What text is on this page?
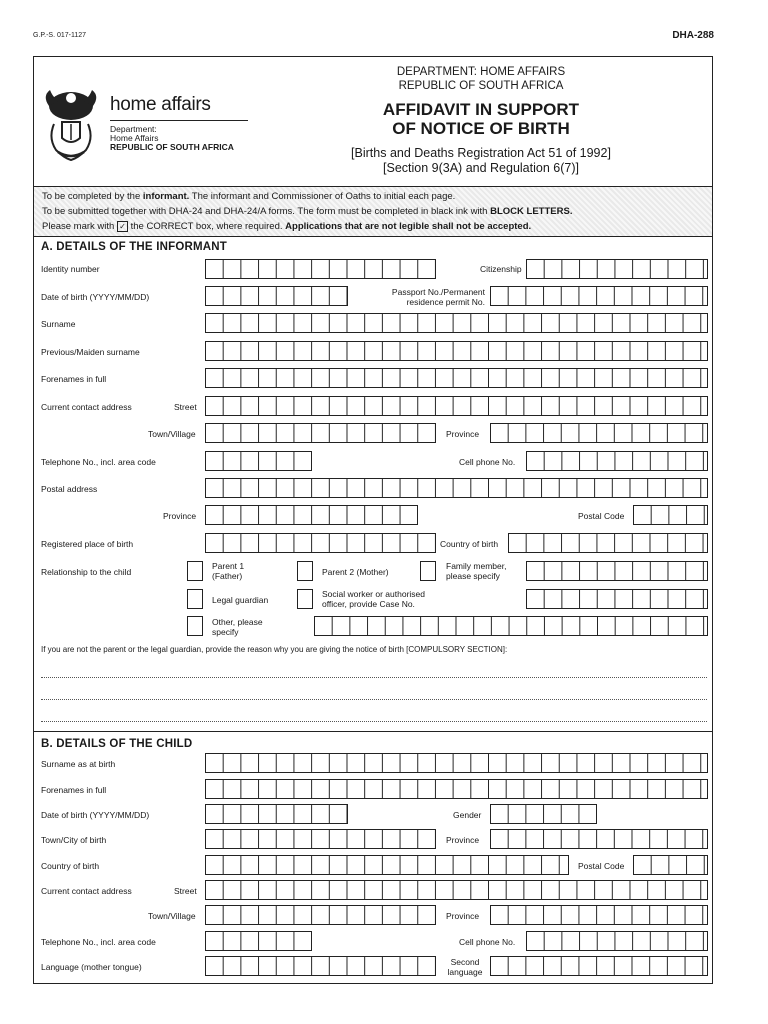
G.P.-S. 017-1127	DHA-288
home affairs
Department:
Home Affairs
REPUBLIC OF SOUTH AFRICA
DEPARTMENT: HOME AFFAIRS
REPUBLIC OF SOUTH AFRICA
AFFIDAVIT IN SUPPORT
OF NOTICE OF BIRTH
[Births and Deaths Registration Act 51 of 1992]
[Section 9(3A) and Regulation 6(7)]
To be completed by the informant. The informant and Commissioner of Oaths to initial each page.
To be submitted together with DHA-24 and DHA-24/A forms. The form must be completed in black ink with BLOCK LETTERS.
Please mark with ✓ the CORRECT box, where required. Applications that are not legible shall not be accepted.
A. DETAILS OF THE INFORMANT
Identity number	Citizenship
Date of birth (YYYY/MM/DD)	Passport No./Permanent
residence permit No.
Surname
Previous/Maiden surname
Forenames in full
Current contact address	Street
Town/Village	Province
Telephone No., incl. area code	Cell phone No.
Postal address
Province	Postal Code
Registered place of birth	Country of birth
Relationship to the child
Parent 1
(Father)	Parent 2 (Mother)
Family member,
please specify
Legal guardian
Social worker or authorised
officer, provide Case No.
Other, please
specify
If you are not the parent or the legal guardian, provide the reason why you are giving the notice of birth [COMPULSORY SECTION]:
B. DETAILS OF THE CHILD
Surname as at birth
Forenames in full
Date of birth (YYYY/MM/DD)	Gender
Town/City of birth	Province
Country of birth	Postal Code
Current contact address	Street
Town/Village	Province
Telephone No., incl. area code	Cell phone No.
Language (mother tongue)	Second
language
